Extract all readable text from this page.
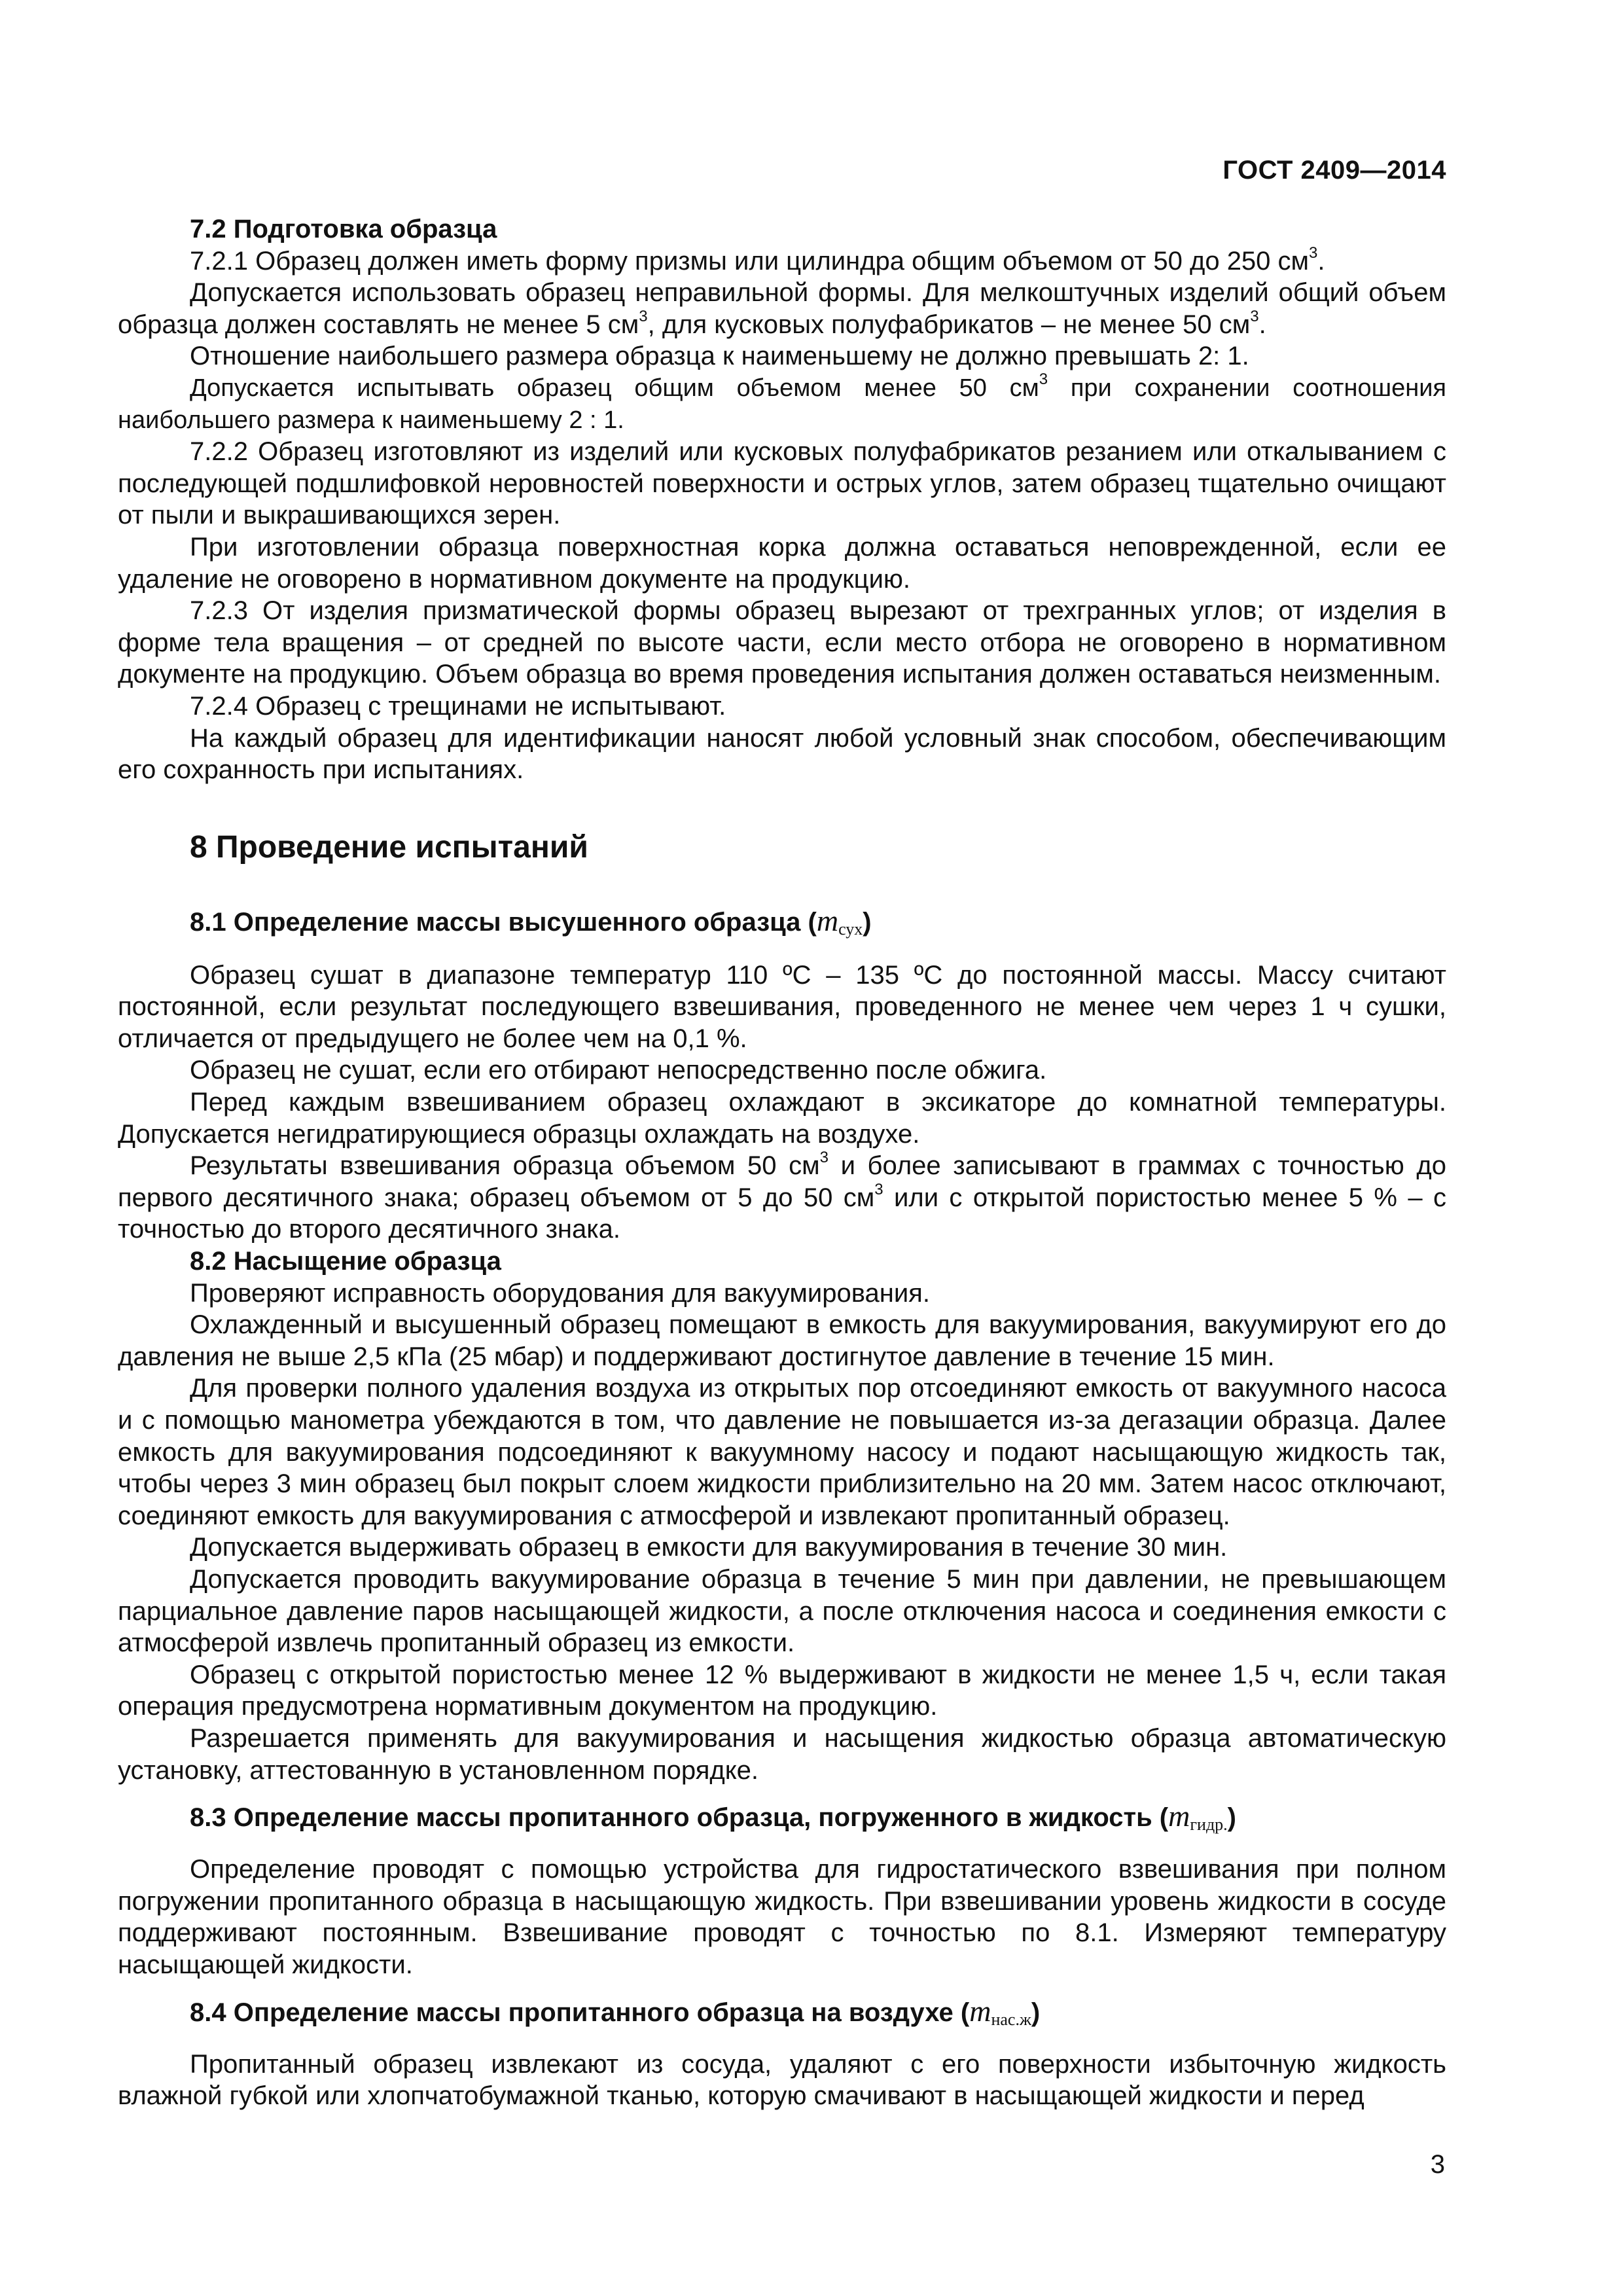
ГОСТ 2409—2014

7.2 Подготовка образца

7.2.1 Образец должен иметь форму призмы или цилиндра общим объемом от 50 до 250 $см^3$.

Допускается использовать образец неправильной формы. Для мелкоштучных изделий общий объем образца должен составлять не менее 5 $см^3$, для кусковых полуфабрикатов – не менее 50 $см^3$.

Отношение наибольшего размера образца к наименьшему не должно превышать 2: 1.

Допускается испытывать образец общим объемом менее 50 $см^3$ при сохранении соотношения наибольшего размера к наименьшему 2 : 1.

7.2.2 Образец изготовляют из изделий или кусковых полуфабрикатов резанием или откалыванием с последующей подшлифовкой неровностей поверхности и острых углов, затем образец тщательно очищают от пыли и выкрашивающихся зерен.

При изготовлении образца поверхностная корка должна оставаться неповрежденной, если ее удаление не оговорено в нормативном документе на продукцию.

7.2.3 От изделия призматической формы образец вырезают от трехгранных углов; от изделия в форме тела вращения – от средней по высоте части, если место отбора не оговорено в нормативном документе на продукцию. Объем образца во время проведения испытания должен оставаться неизменным.

7.2.4 Образец с трещинами не испытывают.

На каждый образец для идентификации наносят любой условный знак способом, обеспечивающим его сохранность при испытаниях.

8 Проведение испытаний
8.1 Определение массы высушенного образца $(m_{сух})$

Образец сушат в диапазоне температур 110 ºС – 135 ºС до постоянной массы. Массу считают постоянной, если результат последующего взвешивания, проведенного не менее чем через 1 ч сушки, отличается от предыдущего не более чем на 0,1 %.

Образец не сушат, если его отбирают непосредственно после обжига.

Перед каждым взвешиванием образец охлаждают в эксикаторе до комнатной температуры. Допускается негидратирующиеся образцы охлаждать на воздухе.

Результаты взвешивания образца объемом 50 $см^3$ и более записывают в граммах с точностью до первого десятичного знака; образец объемом от 5 до 50 $см^3$ или с открытой пористостью менее 5 % – с точностью до второго десятичного знака.

8.2 Насыщение образца

Проверяют исправность оборудования для вакуумирования.

Охлажденный и высушенный образец помещают в емкость для вакуумирования, вакуумируют его до давления не выше 2,5 кПа (25 мбар) и поддерживают достигнутое давление в течение 15 мин.

Для проверки полного удаления воздуха из открытых пор отсоединяют емкость от вакуумного насоса и с помощью манометра убеждаются в том, что давление не повышается из-за дегазации образца. Далее емкость для вакуумирования подсоединяют к вакуумному насосу и подают насыщающую жидкость так, чтобы через 3 мин образец был покрыт слоем жидкости приблизительно на 20 мм. Затем насос отключают, соединяют емкость для вакуумирования с атмосферой и извлекают пропитанный образец.

Допускается выдерживать образец в емкости для вакуумирования в течение 30 мин.

Допускается проводить вакуумирование образца в течение 5 мин при давлении, не превышающем парциальное давление паров насыщающей жидкости, а после отключения насоса и соединения емкости с атмосферой извлечь пропитанный образец из емкости.

Образец с открытой пористостью менее 12 % выдерживают в жидкости не менее 1,5 ч, если такая операция предусмотрена нормативным документом на продукцию.

Разрешается применять для вакуумирования и насыщения жидкостью образца автоматическую установку, аттестованную в установленном порядке.

8.3 Определение массы пропитанного образца, погруженного в жидкость $(m_{гидр.})$

Определение проводят с помощью устройства для гидростатического взвешивания при полном погружении пропитанного образца в насыщающую жидкость. При взвешивании уровень жидкости в сосуде поддерживают постоянным. Взвешивание проводят с точностью по 8.1. Измеряют температуру насыщающей жидкости.

8.4 Определение массы пропитанного образца на воздухе $(m_{нас.ж})$

Пропитанный образец извлекают из сосуда, удаляют с его поверхности избыточную жидкость влажной губкой или хлопчатобумажной тканью, которую смачивают в насыщающей жидкости и перед

3
